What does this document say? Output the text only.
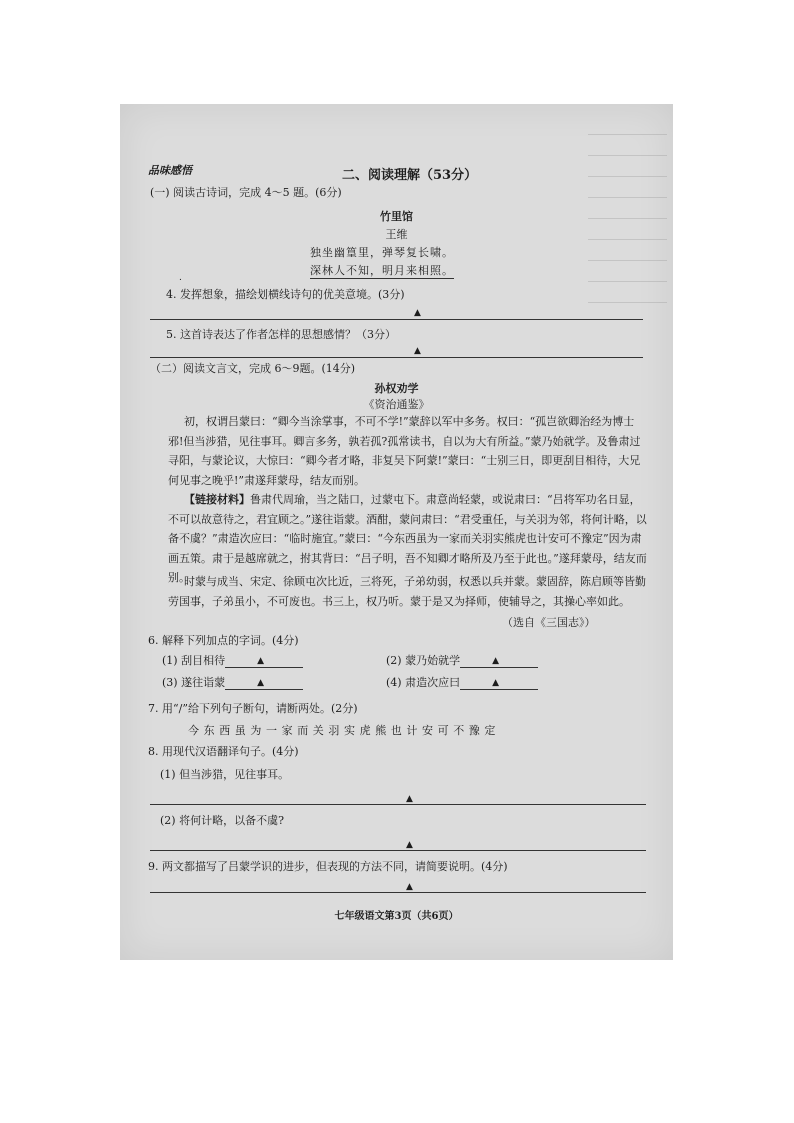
品味感悟	二、阅读理解（53分）
(一) 阅读古诗词，完成 4～5 题。(6分)
竹里馆
王维
独坐幽篁里，弹琴复长啸。
深林人不知，明月来相照。
.
4. 发挥想象，描绘划横线诗句的优美意境。(3分)
▲
5. 这首诗表达了作者怎样的思想感情？（3分）
▲
（二）阅读文言文，完成 6～9题。(14分)
孙权劝学
《资治通鉴》
初，权谓吕蒙曰：“卿今当涂掌事，不可不学!”蒙辞以军中多务。权曰：“孤岂欲卿治经为博士邪!但当涉猎，见往事耳。卿言多务，孰若孤?孤常读书，自以为大有所益。”蒙乃始就学。及鲁肃过寻阳，与蒙论议，大惊曰：“卿今者才略，非复吴下阿蒙!”蒙曰：“士别三日，即更刮目相待，大兄何见事之晚乎!”肃遂拜蒙母，结友而别。
【链接材料】鲁肃代周瑜，当之陆口，过蒙屯下。肃意尚轻蒙，或说肃曰：“吕将军功名日显，不可以故意待之，君宜顾之。”遂往诣蒙。酒酣，蒙问肃曰：“君受重任，与关羽为邻，将何计略，以备不虞？”肃造次应曰：“临时施宜。”蒙曰：“今东西虽为一家而关羽实熊虎也计安可不豫定”因为肃画五策。肃于是越席就之，拊其背曰：“吕子明，吾不知卿才略所及乃至于此也。”遂拜蒙母，结友而别。
时蒙与成当、宋定、徐顾屯次比近，三将死，子弟幼弱，权悉以兵并蒙。蒙固辞，陈启顾等皆勤劳国事，子弟虽小，不可废也。书三上，权乃听。蒙于是又为择师，使辅导之，其操心率如此。
（选自《三国志》）
6. 解释下列加点的字词。(4分)
(1) 刮目相待	▲	(2) 蒙乃始就学	▲
(3) 遂往诣蒙	▲	(4) 肃造次应曰	▲
7. 用“/”给下列句子断句，请断两处。(2分)
今东西虽为一家而关羽实虎熊也计安可不豫定
8. 用现代汉语翻译句子。(4分)
(1) 但当涉猎，见往事耳。
▲
(2) 将何计略，以备不虞?
▲
9. 两文都描写了吕蒙学识的进步，但表现的方法不同，请简要说明。(4分)
▲
七年级语文第3页（共6页）
